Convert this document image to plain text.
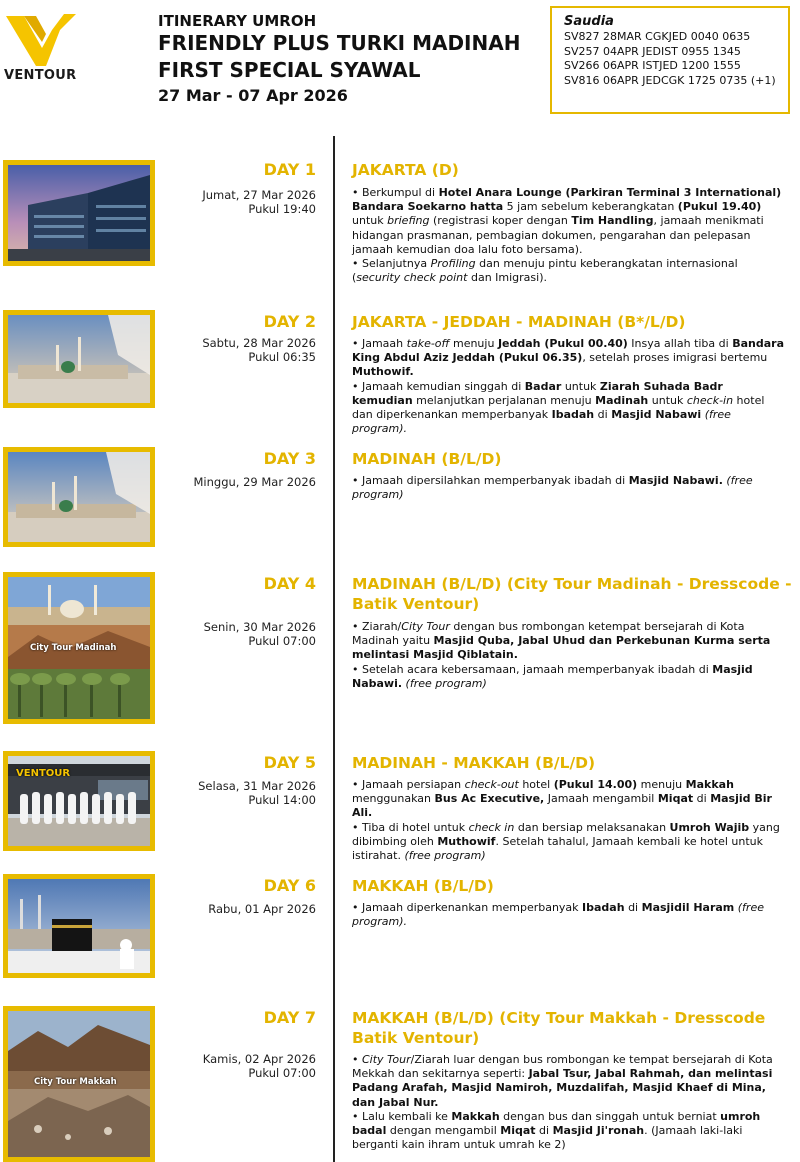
VENTOUR
ITINERARY UMROH
FRIENDLY PLUS TURKI MADINAH
FIRST SPECIAL SYAWAL
27 Mar - 07 Apr 2026
Saudia
SV827 28MAR CGKJED 0040 0635
SV257 04APR JEDIST 0955 1345
SV266 06APR ISTJED 1200 1555
SV816 06APR JEDCGK 1725 0735 (+1)
DAY 1
Jumat, 27 Mar 2026
Pukul 19:40
JAKARTA (D)

• Berkumpul di Hotel Anara Lounge (Parkiran Terminal 3 International) Bandara Soekarno hatta 5 jam sebelum keberangkatan (Pukul 19.40) untuk briefing (registrasi koper dengan Tim Handling, jamaah menikmati hidangan prasmanan, pembagian dokumen, pengarahan dan pelepasan jamaah kemudian doa lalu foto bersama).

• Selanjutnya Profiling dan menuju pintu keberangkatan internasional (security check point dan Imigrasi).

DAY 2
Sabtu, 28 Mar 2026
Pukul 06:35
JAKARTA - JEDDAH - MADINAH (B*/L/D)

• Jamaah take-off menuju Jeddah (Pukul 00.40) Insya allah tiba di Bandara King Abdul Aziz Jeddah (Pukul 06.35), setelah proses imigrasi bertemu Muthowif.

• Jamaah kemudian singgah di Badar untuk Ziarah Suhada Badr kemudian melanjutkan perjalanan menuju Madinah untuk check-in hotel dan diperkenankan memperbanyak Ibadah di Masjid Nabawi (free program).

DAY 3
Minggu, 29 Mar 2026
MADINAH (B/L/D)

• Jamaah dipersilahkan memperbanyak ibadah di Masjid Nabawi. (free program)

City Tour Madinah
DAY 4
Senin, 30 Mar 2026
Pukul 07:00
MADINAH (B/L/D) (City Tour Madinah - Dresscode - Batik Ventour)

• Ziarah/City Tour dengan bus rombongan ketempat bersejarah di Kota Madinah yaitu Masjid Quba, Jabal Uhud dan Perkebunan Kurma serta melintasi Masjid Qiblatain.

• Setelah acara kebersamaan, jamaah memperbanyak ibadah di Masjid Nabawi. (free program)

VENTOUR
DAY 5
Selasa, 31 Mar 2026
Pukul 14:00
MADINAH - MAKKAH (B/L/D)

• Jamaah persiapan check-out hotel (Pukul 14.00) menuju Makkah menggunakan Bus Ac Executive, Jamaah mengambil Miqat di Masjid Bir Ali.

• Tiba di hotel untuk check in dan bersiap melaksanakan Umroh Wajib yang dibimbing oleh Muthowif. Setelah tahalul, Jamaah kembali ke hotel untuk istirahat. (free program)

DAY 6
Rabu, 01 Apr 2026
MAKKAH (B/L/D)

• Jamaah diperkenankan memperbanyak Ibadah di Masjidil Haram (free program).

City Tour Makkah
DAY 7
Kamis, 02 Apr 2026
Pukul 07:00
MAKKAH (B/L/D) (City Tour Makkah - Dresscode Batik Ventour)

• City Tour/Ziarah luar dengan bus rombongan ke tempat bersejarah di Kota Mekkah dan sekitarnya seperti: Jabal Tsur, Jabal Rahmah, dan melintasi Padang Arafah, Masjid Namiroh, Muzdalifah, Masjid Khaef di Mina, dan Jabal Nur.

• Lalu kembali ke Makkah dengan bus dan singgah untuk berniat umroh badal dengan mengambil Miqat di Masjid Ji'ronah. (Jamaah laki-laki berganti kain ihram untuk umrah ke 2)
